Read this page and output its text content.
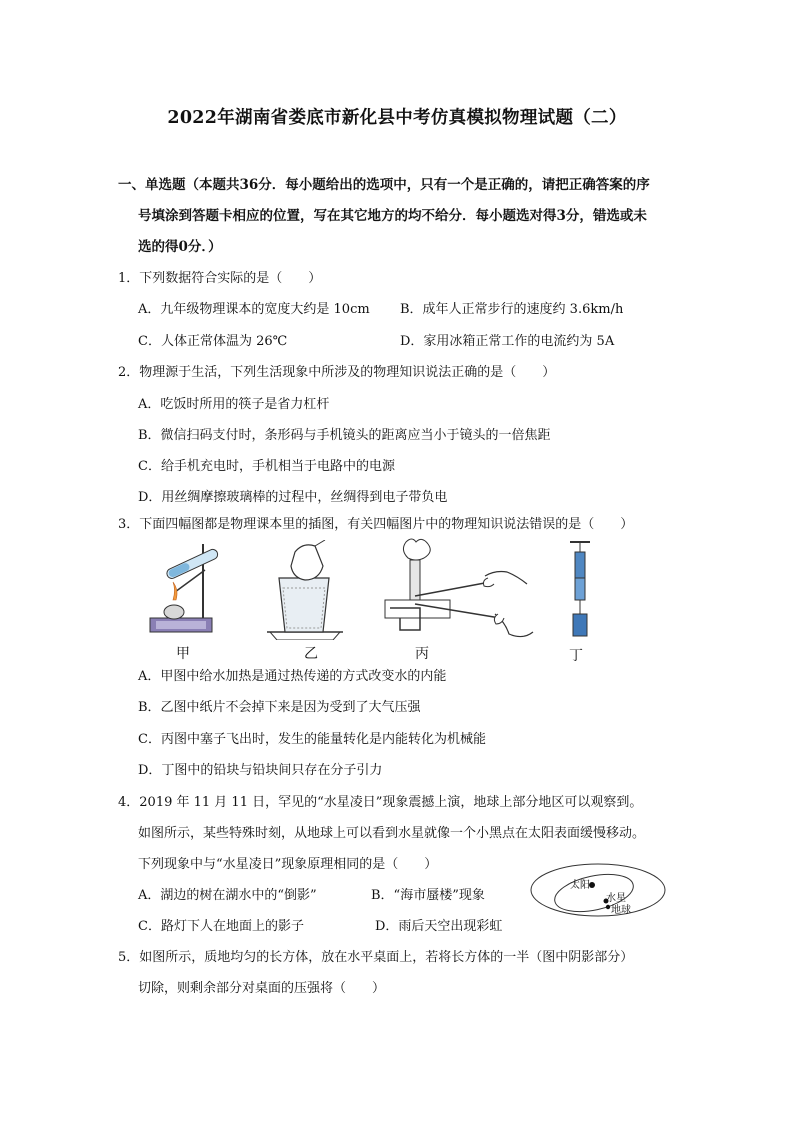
2022年湖南省娄底市新化县中考仿真模拟物理试题（二）
一、单选题（本题共36分．每小题给出的选项中，只有一个是正确的，请把正确答案的序
号填涂到答题卡相应的位置，写在其它地方的均不给分．每小题选对得3分，错选或未
选的得0分．）
1．下列数据符合实际的是（　　）
A．九年级物理课本的宽度大约是 10cm B．成年人正常步行的速度约 3.6km/h
C．人体正常体温为 26℃	D．家用冰箱正常工作的电流约为 5A
2．物理源于生活，下列生活现象中所涉及的物理知识说法正确的是（　　）
A．吃饭时所用的筷子是省力杠杆
B．微信扫码支付时，条形码与手机镜头的距离应当小于镜头的一倍焦距
C．给手机充电时，手机相当于电路中的电源
D．用丝绸摩擦玻璃棒的过程中，丝绸得到电子带负电
3．下面四幅图都是物理课本里的插图，有关四幅图片中的物理知识说法错误的是（　　）
甲	乙	丙	丁
A．甲图中给水加热是通过热传递的方式改变水的内能
B．乙图中纸片不会掉下来是因为受到了大气压强
C．丙图中塞子飞出时，发生的能量转化是内能转化为机械能
D．丁图中的铅块与铅块间只存在分子引力
4．2019 年 11 月 11 日，罕见的“水星凌日”现象震撼上演，地球上部分地区可以观察到。
如图所示，某些特殊时刻，从地球上可以看到水星就像一个小黑点在太阳表面缓慢移动。
下列现象中与“水星凌日”现象原理相同的是（　　）
A．湖边的树在湖水中的“倒影”	B．“海市蜃楼”现象
C．路灯下人在地面上的影子	D．雨后天空出现彩虹
太阳
水星
地球
5．如图所示，质地均匀的长方体，放在水平桌面上，若将长方体的一半（图中阴影部分）
切除，则剩余部分对桌面的压强将（　　）
